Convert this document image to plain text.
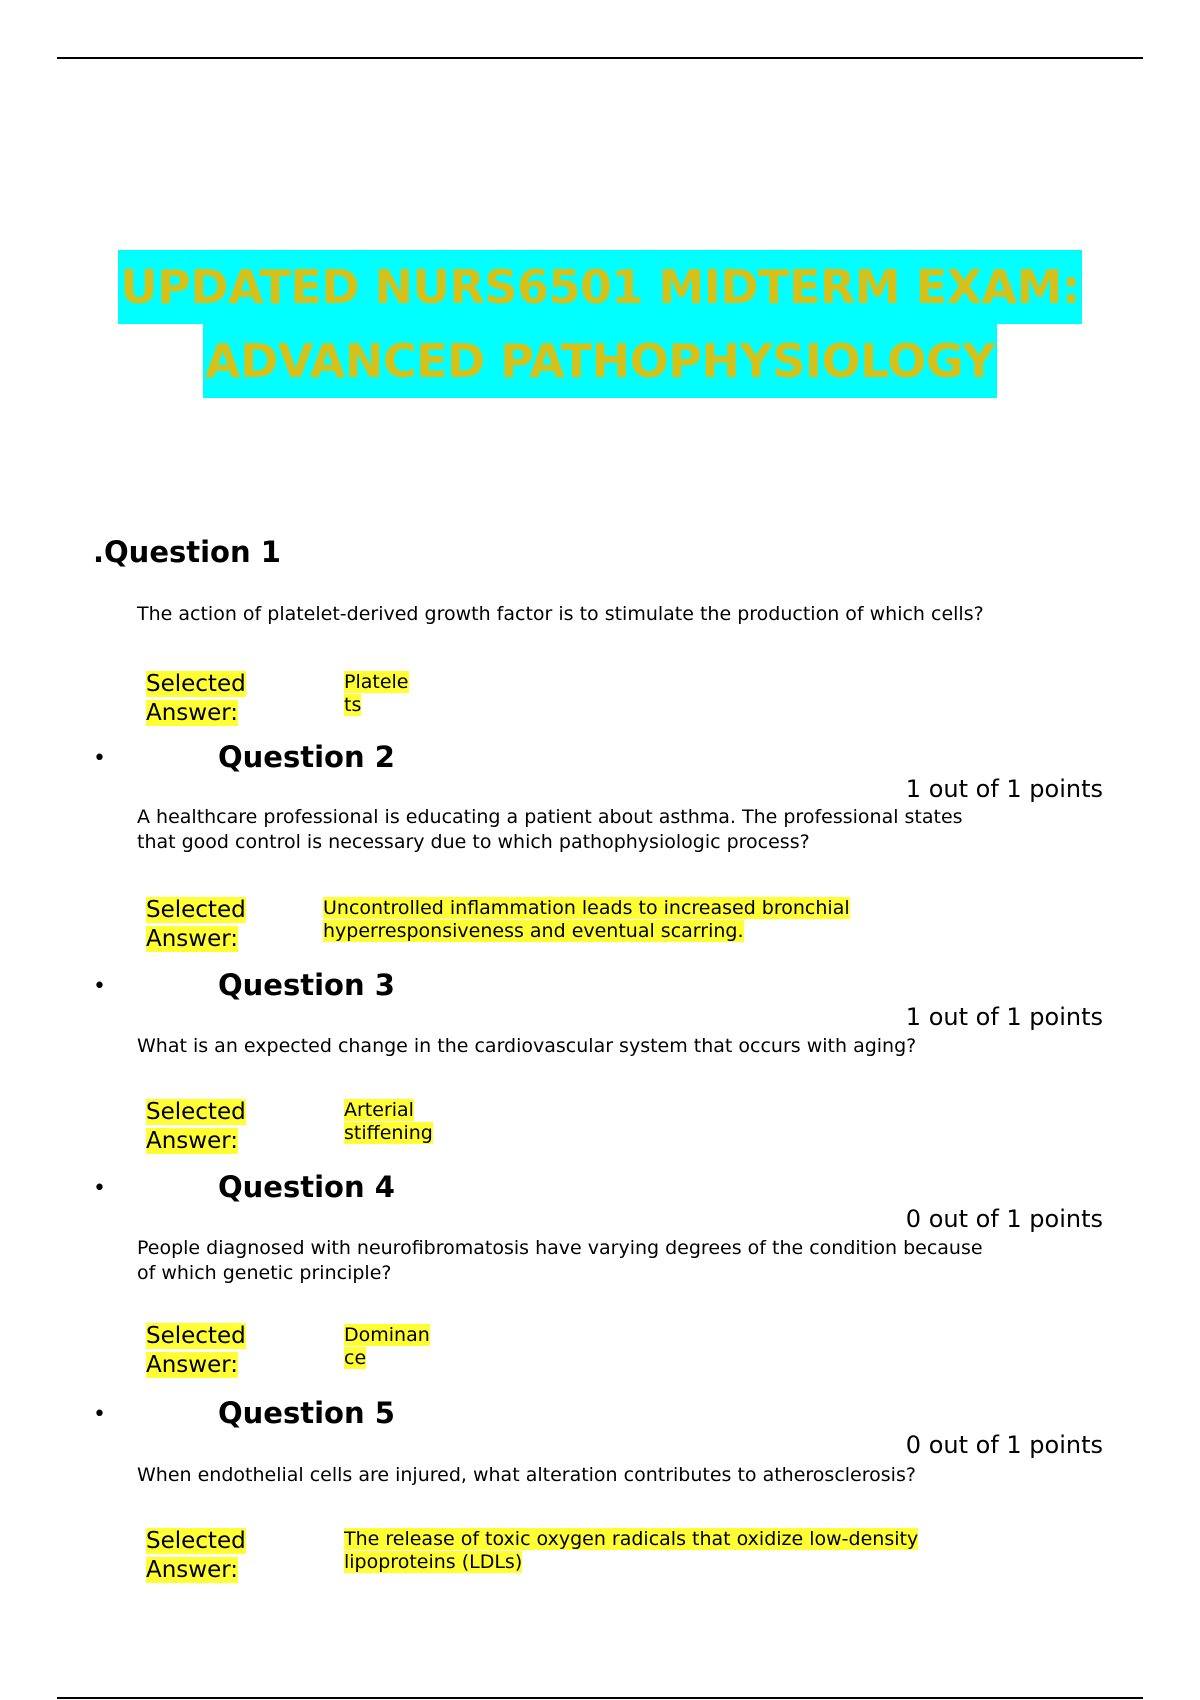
UPDATED NURS6501 MIDTERM EXAM:
ADVANCED PATHOPHYSIOLOGY
.Question 1
The action of platelet-derived growth factor is to stimulate the production of which cells?
Selected
Answer:
Platele
ts
•	Question 2
1 out of 1 points
A healthcare professional is educating a patient about asthma. The professional states
that good control is necessary due to which pathophysiologic process?
Selected
Answer:
Uncontrolled inflammation leads to increased bronchial
hyperresponsiveness and eventual scarring.
•	Question 3
1 out of 1 points
What is an expected change in the cardiovascular system that occurs with aging?
Selected
Answer:
Arterial
stiffening
•	Question 4
0 out of 1 points
People diagnosed with neurofibromatosis have varying degrees of the condition because
of which genetic principle?
Selected
Answer:
Dominan
ce
•	Question 5
0 out of 1 points
When endothelial cells are injured, what alteration contributes to atherosclerosis?
Selected
Answer:
The release of toxic oxygen radicals that oxidize low-density
lipoproteins (LDLs)
